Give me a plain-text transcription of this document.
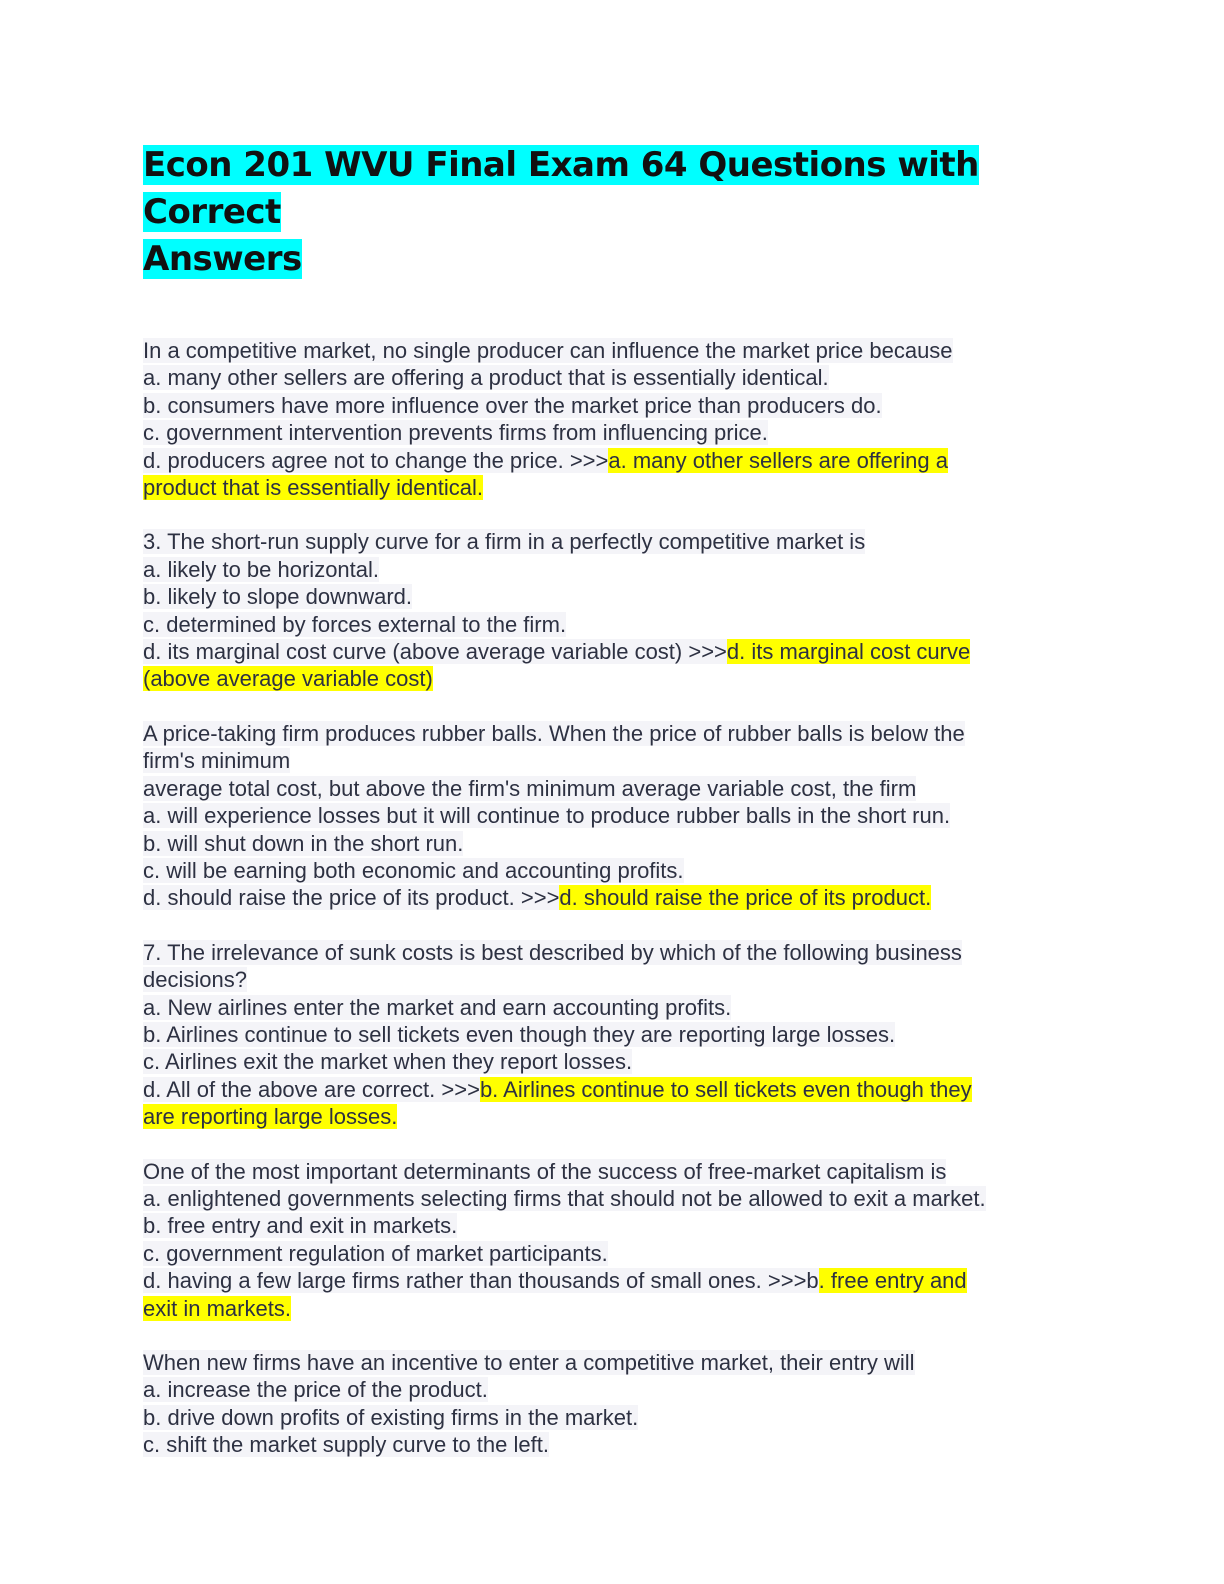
Econ 201 WVU Final Exam 64 Questions with Correct
Answers
In a competitive market, no single producer can influence the market price because
a. many other sellers are offering a product that is essentially identical.
b. consumers have more influence over the market price than producers do.
c. government intervention prevents firms from influencing price.
d. producers agree not to change the price. >>>a. many other sellers are offering a
product that is essentially identical.
3. The short-run supply curve for a firm in a perfectly competitive market is
a. likely to be horizontal.
b. likely to slope downward.
c. determined by forces external to the firm.
d. its marginal cost curve (above average variable cost) >>>d. its marginal cost curve
(above average variable cost)
A price-taking firm produces rubber balls. When the price of rubber balls is below the
firm's minimum
average total cost, but above the firm's minimum average variable cost, the firm
a. will experience losses but it will continue to produce rubber balls in the short run.
b. will shut down in the short run.
c. will be earning both economic and accounting profits.
d. should raise the price of its product. >>>d. should raise the price of its product.
7. The irrelevance of sunk costs is best described by which of the following business
decisions?
a. New airlines enter the market and earn accounting profits.
b. Airlines continue to sell tickets even though they are reporting large losses.
c. Airlines exit the market when they report losses.
d. All of the above are correct. >>>b. Airlines continue to sell tickets even though they
are reporting large losses.
One of the most important determinants of the success of free-market capitalism is
a. enlightened governments selecting firms that should not be allowed to exit a market.
b. free entry and exit in markets.
c. government regulation of market participants.
d. having a few large firms rather than thousands of small ones. >>>b. free entry and
exit in markets.
When new firms have an incentive to enter a competitive market, their entry will
a. increase the price of the product.
b. drive down profits of existing firms in the market.
c. shift the market supply curve to the left.
